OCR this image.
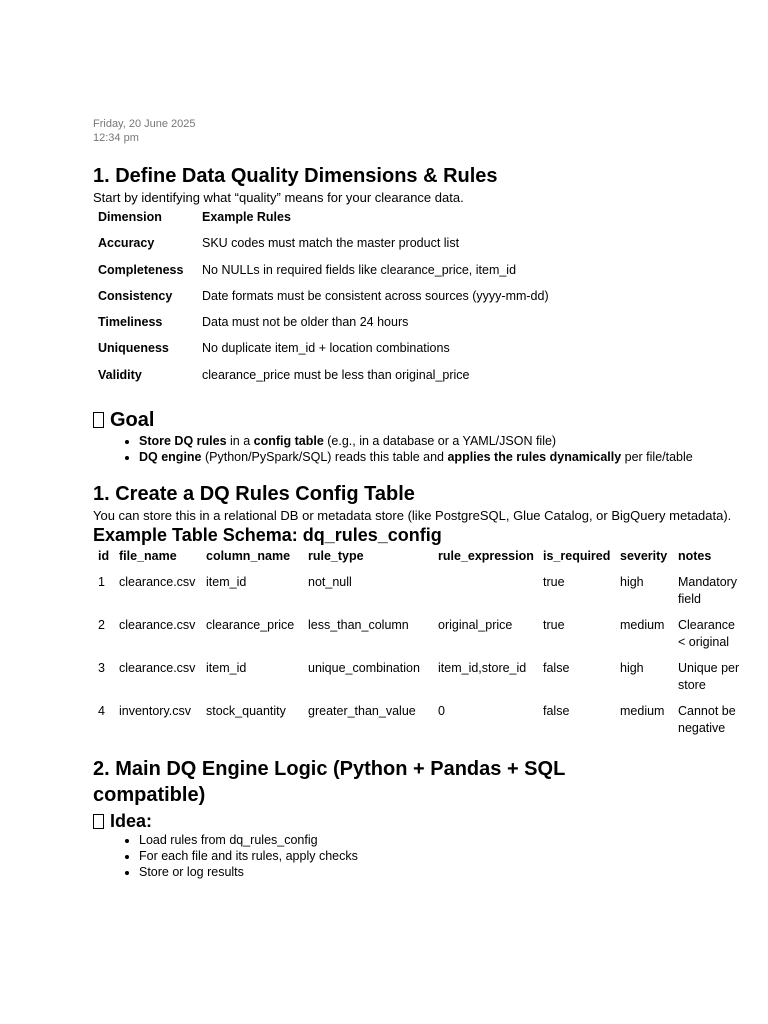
Friday, 20 June 2025
12:34 pm
1. Define Data Quality Dimensions & Rules

Start by identifying what “quality” means for your clearance data.

Dimension	Example Rules
Accuracy	SKU codes must match the master product list
Completeness	No NULLs in required fields like clearance_price, item_id
Consistency	Date formats must be consistent across sources (yyyy-mm-dd)
Timeliness	Data must not be older than 24 hours
Uniqueness	No duplicate item_id + location combinations
Validity	clearance_price must be less than original_price
Goal
• Store DQ rules in a config table (e.g., in a database or a YAML/JSON file)
• DQ engine (Python/PySpark/SQL) reads this table and applies the rules dynamically per file/table
1. Create a DQ Rules Config Table

You can store this in a relational DB or metadata store (like PostgreSQL, Glue Catalog, or BigQuery metadata).

Example Table Schema: dq_rules_config
id	file_name	column_name	rule_type	rule_expression	is_required	severity	notes
1	clearance.csv	item_id	not_null		true	high	Mandatory field
2	clearance.csv	clearance_price	less_than_column	original_price	true	medium	Clearance < original
3	clearance.csv	item_id	unique_combination	item_id,store_id	false	high	Unique per store
4	inventory.csv	stock_quantity	greater_than_value	0	false	medium	Cannot be negative
2. Main DQ Engine Logic (Python + Pandas + SQL compatible)
Idea:
• Load rules from dq_rules_config
• For each file and its rules, apply checks
• Store or log results
